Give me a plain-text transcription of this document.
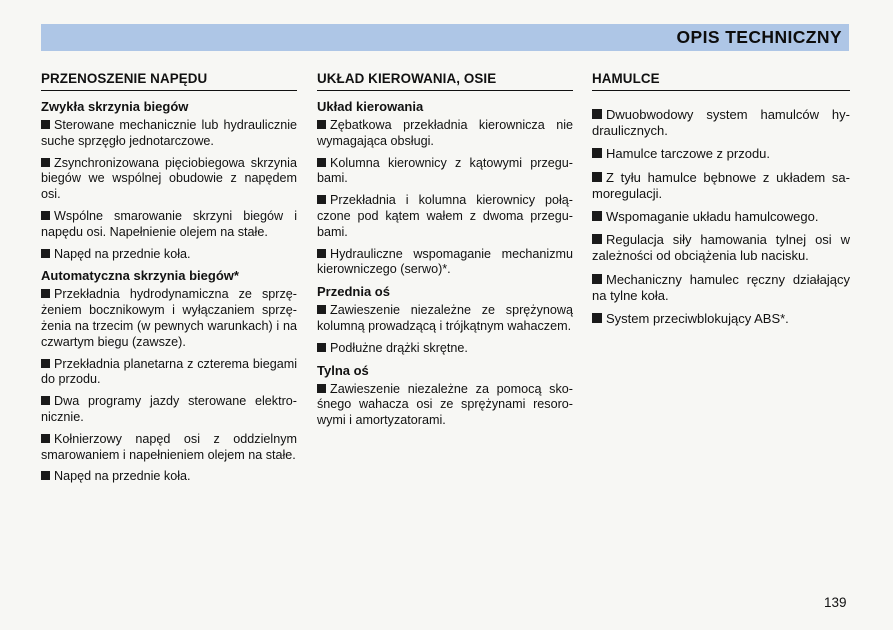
OPIS TECHNICZNY
PRZENOSZENIE NAPĘDU
Zwykła skrzynia biegów
Sterowane mechanicznie lub hydraulicznie suche sprzęgło jednotarczowe.
Zsynchronizowana pięciobiegowa skrzynia biegów we wspólnej obudowie z napędem osi.
Wspólne smarowanie skrzyni biegów i napędu osi. Napełnienie olejem na stałe.
Napęd na przednie koła.
Automatyczna skrzynia biegów*
Przekładnia hydrodynamiczna ze sprzężeniem bocznikowym i wyłączaniem sprzężenia na trzecim (w pewnych warunkach) i na czwartym biegu (zawsze).
Przekładnia planetarna z czterema biegami do przodu.
Dwa programy jazdy sterowane elektronicznie.
Kołnierzowy napęd osi z oddzielnym smarowaniem i napełnieniem olejem na stałe.
Napęd na przednie koła.
UKŁAD KIEROWANIA, OSIE
Układ kierowania
Zębatkowa przekładnia kierownicza nie wymagająca obsługi.
Kolumna kierownicy z kątowymi przegubami.
Przekładnia i kolumna kierownicy połączone pod kątem wałem z dwoma przegubami.
Hydrauliczne wspomaganie mechanizmu kierowniczego (serwo)*.
Przednia oś
Zawieszenie niezależne ze sprężynową kolumną prowadzącą i trójkątnym wahaczem.
Podłużne drążki skrętne.
Tylna oś
Zawieszenie niezależne za pomocą skośnego wahacza osi ze sprężynami resorowymi i amortyzatorami.
HAMULCE
Dwuobwodowy system hamulców hydraulicznych.
Hamulce tarczowe z przodu.
Z tyłu hamulce bębnowe z układem samoregulacji.
Wspomaganie układu hamulcowego.
Regulacja siły hamowania tylnej osi w zależności od obciążenia lub nacisku.
Mechaniczny hamulec ręczny działający na tylne koła.
System przeciwblokujący ABS*.
139
